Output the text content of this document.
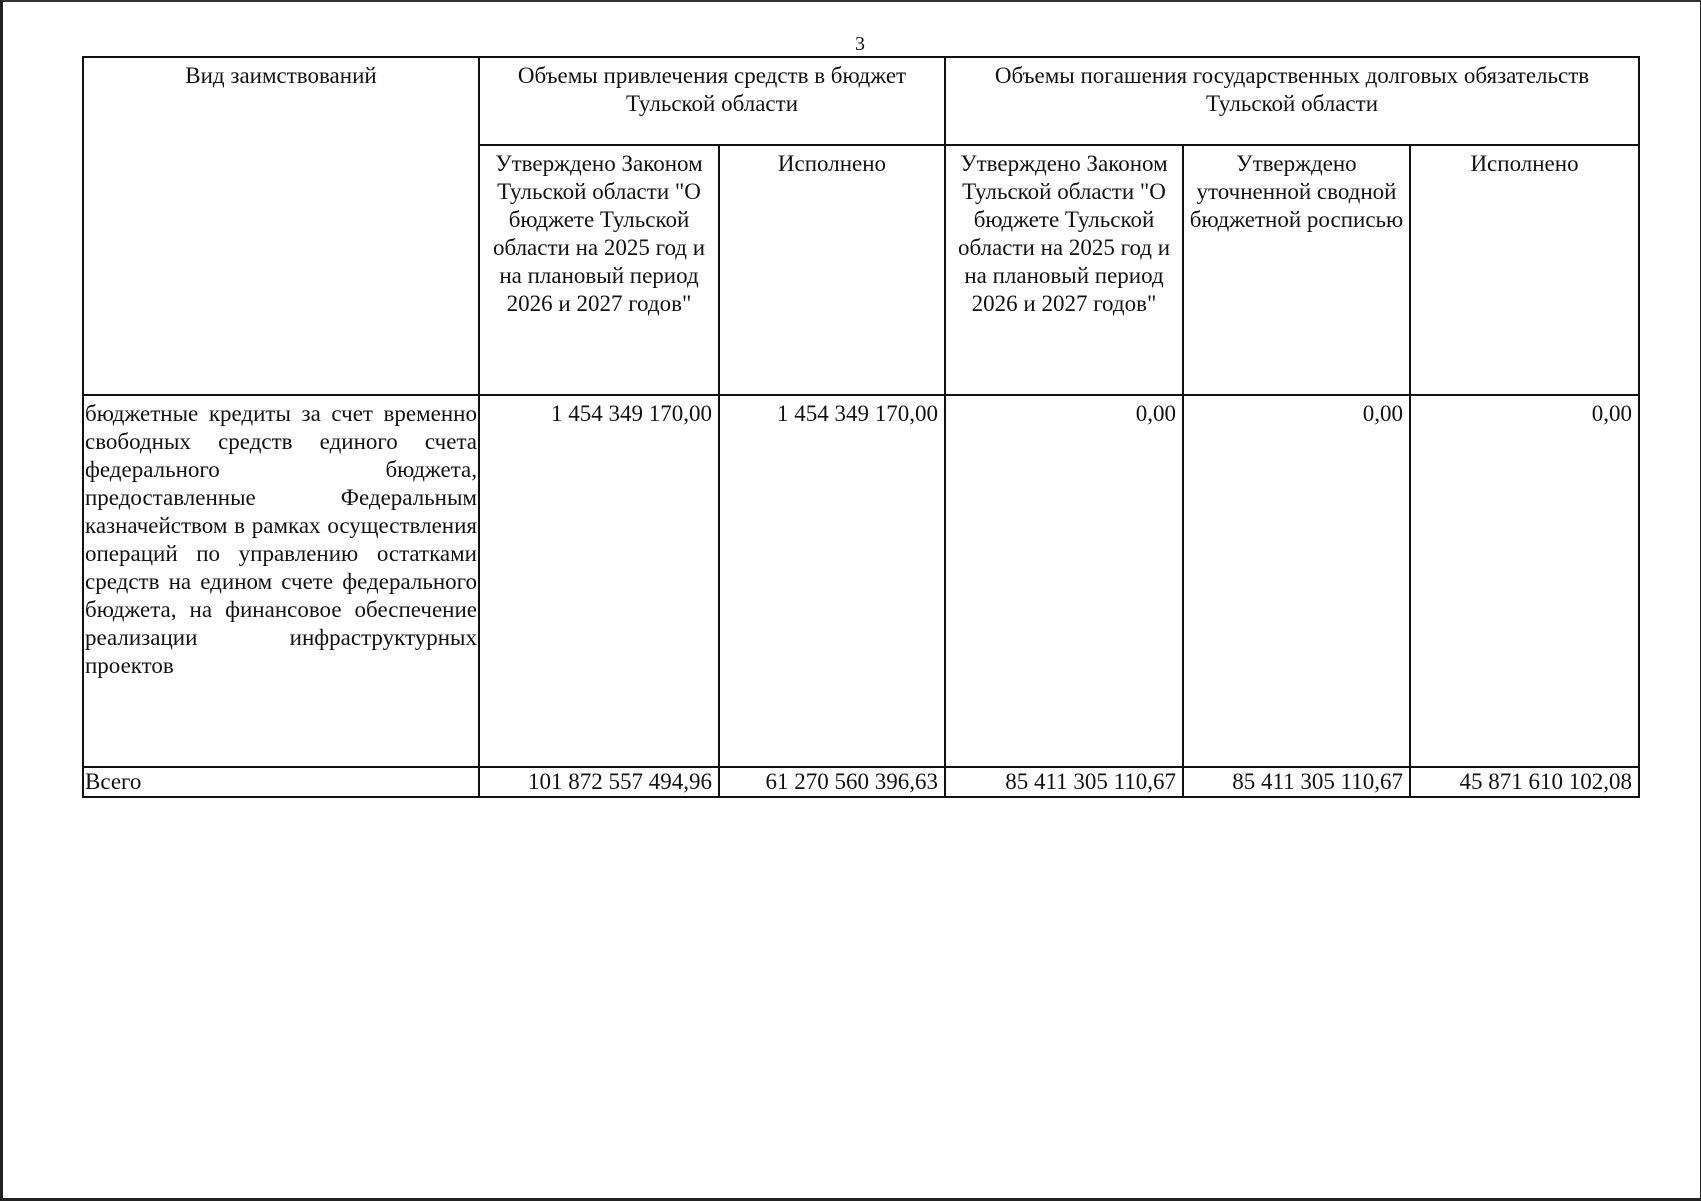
3
Вид заимствований	Объемы привлечения средств в бюджет Тульской области		Объемы погашения государственных долговых обязательств Тульской области		
	Утверждено Законом Тульской области "О бюджете Тульской области на 2025 год и на плановый период 2026 и 2027 годов"	Исполнено	Утверждено Законом Тульской области "О бюджете Тульской области на 2025 год и на плановый период 2026 и 2027 годов"	Утверждено уточненной сводной бюджетной росписью	Исполнено
бюджетные кредиты за счет временно свободных средств единого счета федерального бюджета, предоставленные Федеральным казначейством в рамках осуществления операций по управлению остатками средств на едином счете федерального бюджета, на финансовое обеспечение реализации инфраструктурных проектов	1 454 349 170,00	1 454 349 170,00	0,00	0,00	0,00
Всего	101 872 557 494,96	61 270 560 396,63	85 411 305 110,67	85 411 305 110,67	45 871 610 102,08
